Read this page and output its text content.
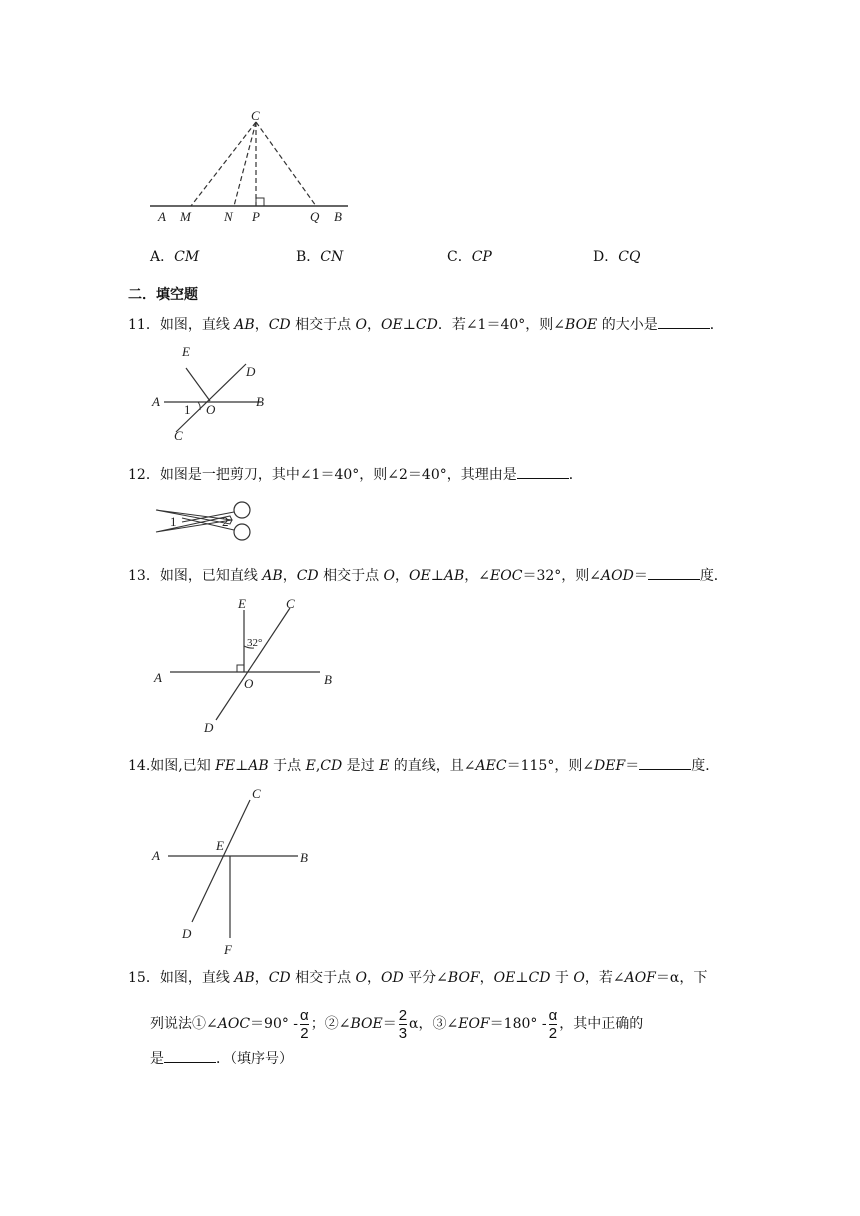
C
A M	N P	Q B
A．CM	B．CN	C．CP	D．CQ
二．填空题
11．如图，直线 AB，CD 相交于点 O，OE⊥CD．若∠1＝40°，则∠BOE 的大小是	．
E
D
A
O
B
C
1
12．如图是一把剪刀，其中∠1＝40°，则∠2＝40°，其理由是	．
1	2
13．如图，已知直线 AB，CD 相交于点 O，OE⊥AB，∠EOC＝32°，则∠AOD＝	度．
E	C
32°
A	O	B
D
14.如图,已知 FE⊥AB 于点 E,CD 是过 E 的直线，且∠AEC＝115°，则∠DEF＝	度．
C
A
E
B
D
F
15．如图，直线 AB，CD 相交于点 O，OD 平分∠BOF，OE⊥CD 于 O，若∠AOF＝α，下
列说法①∠AOC＝90° - $\frac{\alpha}{2}$ ；②∠BOE＝ $\frac{2}{3}$ α，③∠EOF＝180° - $\frac{\alpha}{2}$ ，其中正确的
是	．（填序号）
